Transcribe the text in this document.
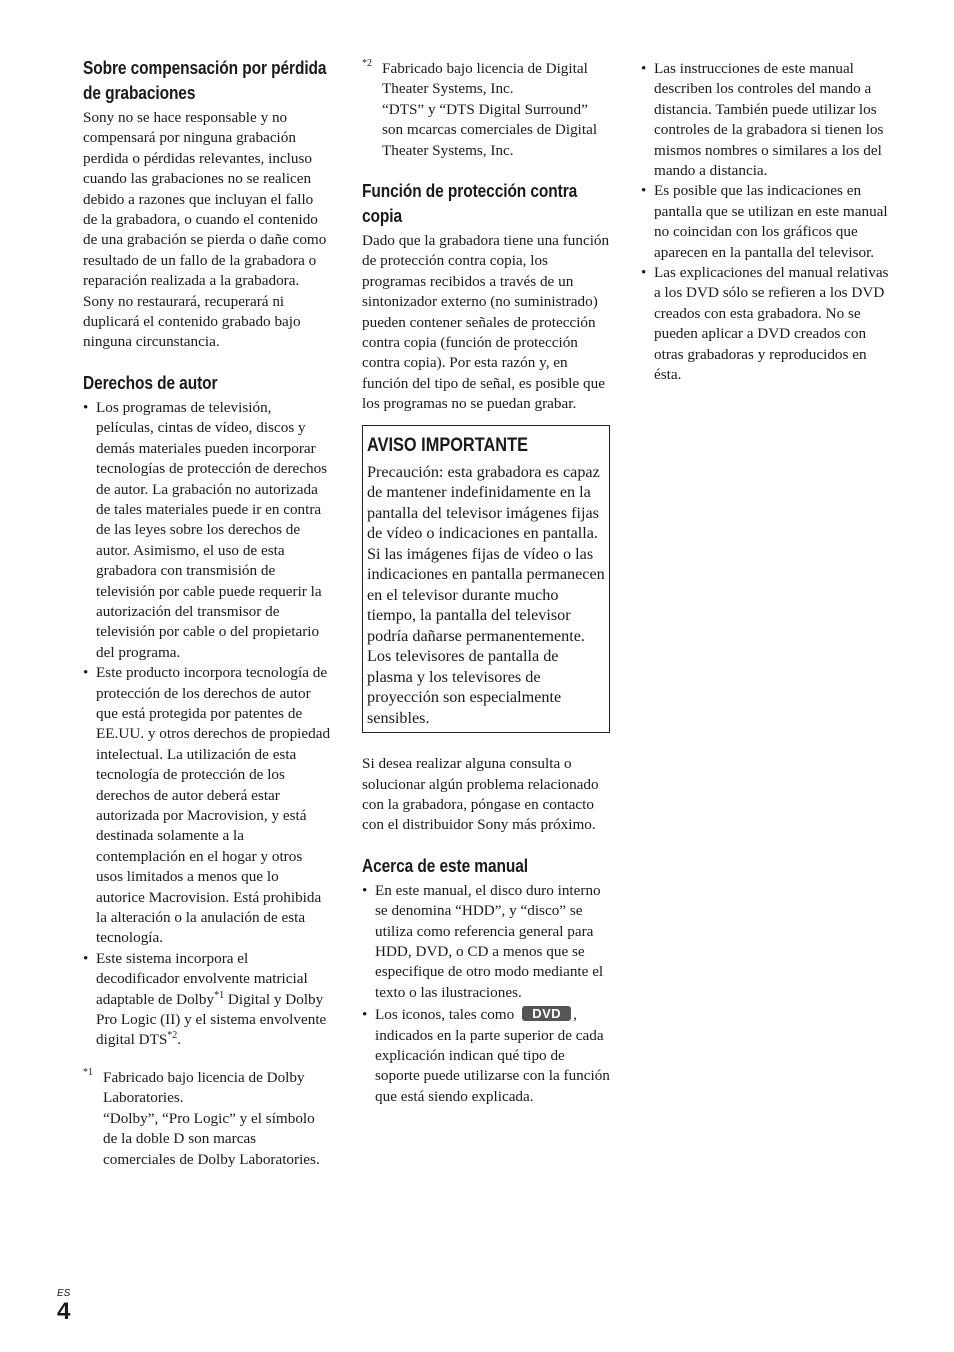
Sobre compensación por pérdida de grabaciones

Sony no se hace responsable y no compensará por ninguna grabación perdida o pérdidas relevantes, incluso cuando las grabaciones no se realicen debido a razones que incluyan el fallo de la grabadora, o cuando el contenido de una grabación se pierda o dañe como resultado de un fallo de la grabadora o reparación realizada a la grabadora. Sony no restaurará, recuperará ni duplicará el contenido grabado bajo ninguna circunstancia.

Derechos de autor
• Los programas de televisión, películas, cintas de vídeo, discos y demás materiales pueden incorporar tecnologías de protección de derechos de autor. La grabación no autorizada de tales materiales puede ir en contra de las leyes sobre los derechos de autor. Asimismo, el uso de esta grabadora con transmisión de televisión por cable puede requerir la autorización del transmisor de televisión por cable o del propietario del programa.
• Este producto incorpora tecnología de protección de los derechos de autor que está protegida por patentes de EE.UU. y otros derechos de propiedad intelectual. La utilización de esta tecnología de protección de los derechos de autor deberá estar autorizada por Macrovision, y está destinada solamente a la contemplación en el hogar y otros usos limitados a menos que lo autorice Macrovision. Está prohibida la alteración o la anulación de esta tecnología.
• Este sistema incorpora el decodificador envolvente matricial adaptable de Dolby$^{*1}$ Digital y Dolby Pro Logic (II) y el sistema envolvente digital DTS$^{*2}$.
*1 Fabricado bajo licencia de Dolby Laboratories.
“Dolby”, “Pro Logic” y el símbolo de la doble D son marcas comerciales de Dolby Laboratories.
*2 Fabricado bajo licencia de Digital Theater Systems, Inc.
“DTS” y “DTS Digital Surround” son mcarcas comerciales de Digital Theater Systems, Inc.
Función de protección contra copia

Dado que la grabadora tiene una función de protección contra copia, los programas recibidos a través de un sintonizador externo (no suministrado) pueden contener señales de protección contra copia (función de protección contra copia). Por esta razón y, en función del tipo de señal, es posible que los programas no se puedan grabar.

AVISO IMPORTANTE

Precaución: esta grabadora es capaz de mantener indefinidamente en la pantalla del televisor imágenes fijas de vídeo o indicaciones en pantalla. Si las imágenes fijas de vídeo o las indicaciones en pantalla permanecen en el televisor durante mucho tiempo, la pantalla del televisor podría dañarse permanentemente. Los televisores de pantalla de plasma y los televisores de proyección son especialmente sensibles.

Si desea realizar alguna consulta o solucionar algún problema relacionado con la grabadora, póngase en contacto con el distribuidor Sony más próximo.

Acerca de este manual
• En este manual, el disco duro interno se denomina “HDD”, y “disco” se utiliza como referencia general para HDD, DVD, o CD a menos que se especifique de otro modo mediante el texto o las ilustraciones.
• Los iconos, tales como DVD , indicados en la parte superior de cada explicación indican qué tipo de soporte puede utilizarse con la función que está siendo explicada.
• Las instrucciones de este manual describen los controles del mando a distancia. También puede utilizar los controles de la grabadora si tienen los mismos nombres o similares a los del mando a distancia.
• Es posible que las indicaciones en pantalla que se utilizan en este manual no coincidan con los gráficos que aparecen en la pantalla del televisor.
• Las explicaciones del manual relativas a los DVD sólo se refieren a los DVD creados con esta grabadora. No se pueden aplicar a DVD creados con otras grabadoras y reproducidos en ésta.
ES
4
